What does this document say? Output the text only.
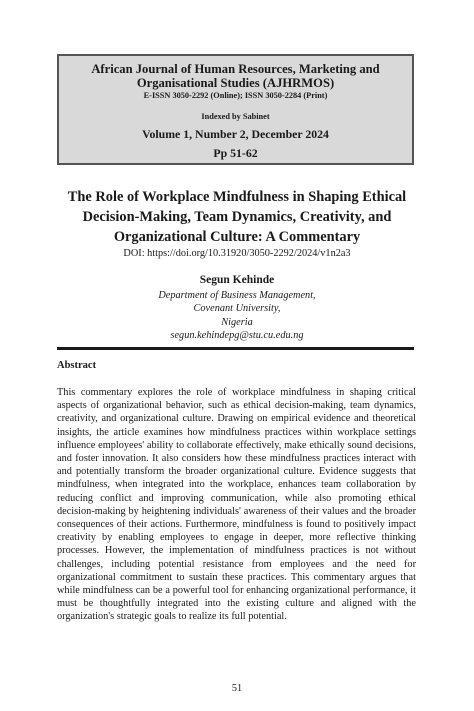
African Journal of Human Resources, Marketing and
Organisational Studies (AJHRMOS)
E-ISSN 3050-2292 (Online); ISSN 3050-2284 (Print)
Indexed by Sabinet
Volume 1, Number 2, December 2024
Pp 51-62
The Role of Workplace Mindfulness in Shaping Ethical
Decision-Making, Team Dynamics, Creativity, and
Organizational Culture: A Commentary
DOI: https://doi.org/10.31920/3050-2292/2024/v1n2a3
Segun Kehinde
Department of Business Management,
Covenant University,
Nigeria
segun.kehindepg@stu.cu.edu.ng
Abstract

This commentary explores the role of workplace mindfulness in shaping critical aspects of organizational behavior, such as ethical decision-making, team dynamics, creativity, and organizational culture. Drawing on empirical evidence and theoretical insights, the article examines how mindfulness practices within workplace settings influence employees' ability to collaborate effectively, make ethically sound decisions, and foster innovation. It also considers how these mindfulness practices interact with and potentially transform the broader organizational culture. Evidence suggests that mindfulness, when integrated into the workplace, enhances team collaboration by reducing conflict and improving communication, while also promoting ethical decision-making by heightening individuals' awareness of their values and the broader consequences of their actions. Furthermore, mindfulness is found to positively impact creativity by enabling employees to engage in deeper, more reflective thinking processes. However, the implementation of mindfulness practices is not without challenges, including potential resistance from employees and the need for organizational commitment to sustain these practices. This commentary argues that while mindfulness can be a powerful tool for enhancing organizational performance, it must be thoughtfully integrated into the existing culture and aligned with the organization's strategic goals to realize its full potential.

51
